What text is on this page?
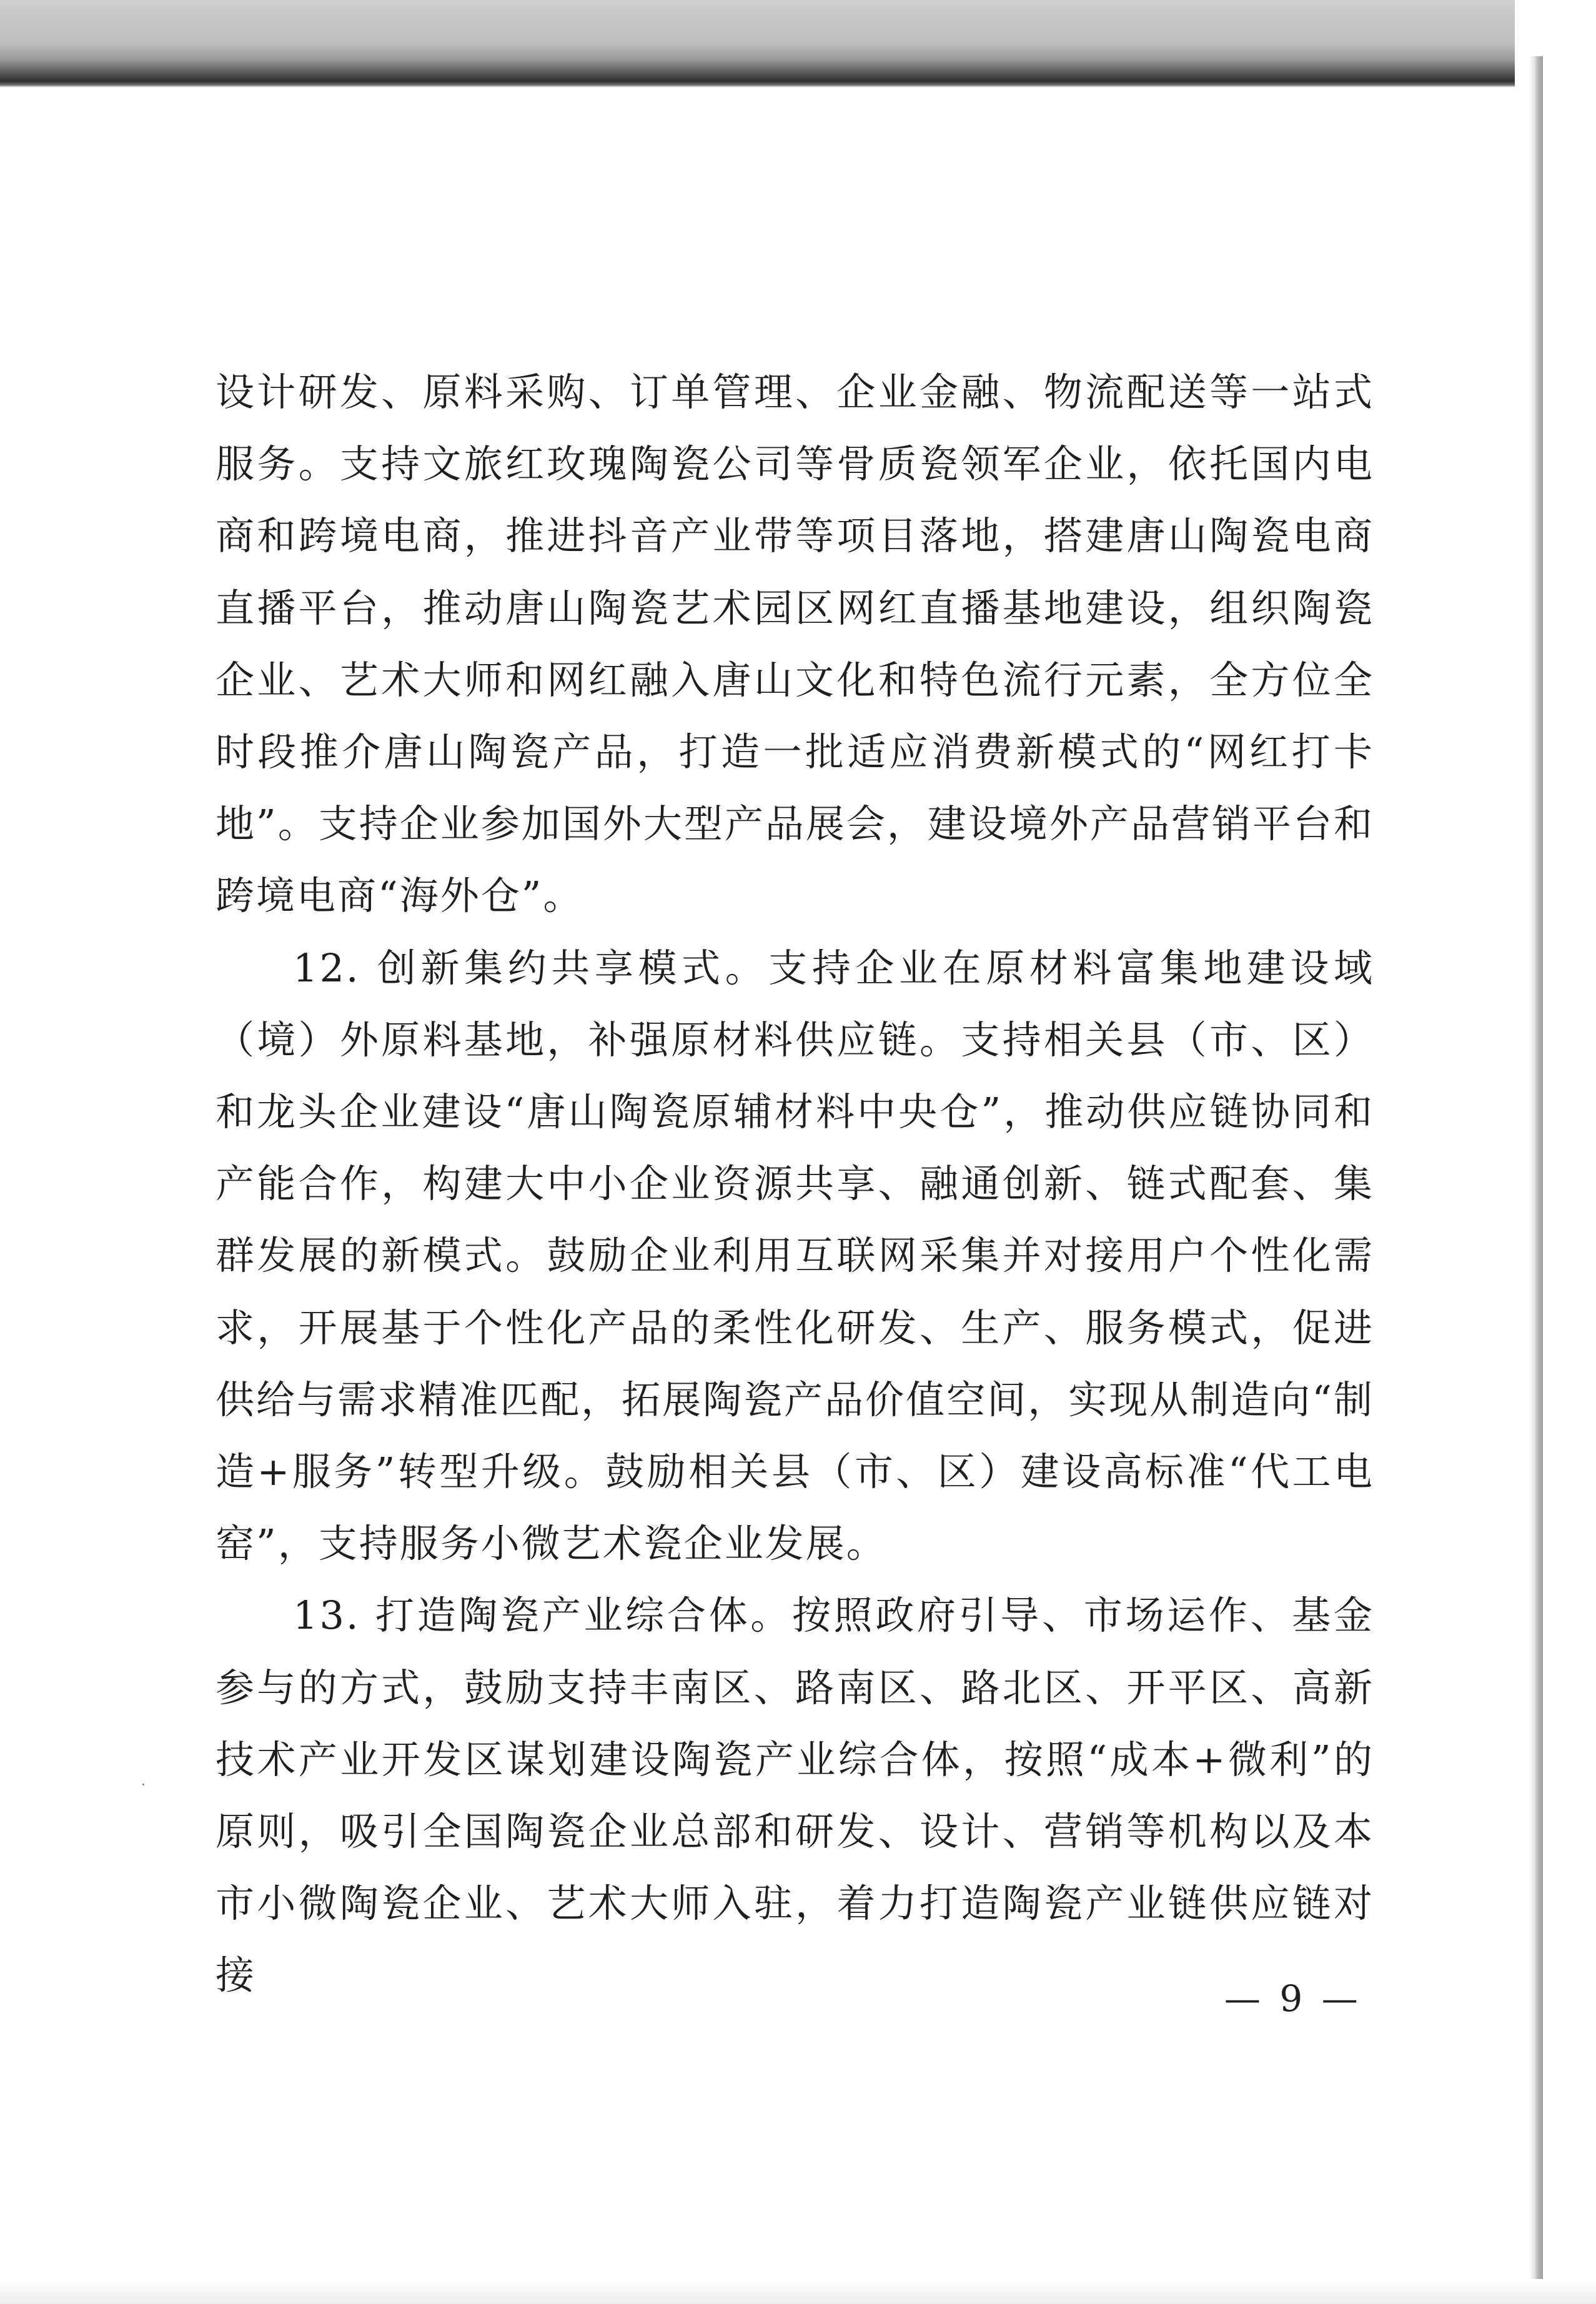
设计研发、原料采购、订单管理、企业金融、物流配送等一站式服务。支持文旅红玫瑰陶瓷公司等骨质瓷领军企业，依托国内电商和跨境电商，推进抖音产业带等项目落地，搭建唐山陶瓷电商直播平台，推动唐山陶瓷艺术园区网红直播基地建设，组织陶瓷企业、艺术大师和网红融入唐山文化和特色流行元素，全方位全时段推介唐山陶瓷产品，打造一批适应消费新模式的“网红打卡地”。支持企业参加国外大型产品展会，建设境外产品营销平台和跨境电商“海外仓”。

12. 创新集约共享模式。支持企业在原材料富集地建设域（境）外原料基地，补强原材料供应链。支持相关县（市、区）和龙头企业建设“唐山陶瓷原辅材料中央仓”，推动供应链协同和产能合作，构建大中小企业资源共享、融通创新、链式配套、集群发展的新模式。鼓励企业利用互联网采集并对接用户个性化需求，开展基于个性化产品的柔性化研发、生产、服务模式，促进供给与需求精准匹配，拓展陶瓷产品价值空间，实现从制造向“制造+服务”转型升级。鼓励相关县（市、区）建设高标准“代工电窑”，支持服务小微艺术瓷企业发展。

13. 打造陶瓷产业综合体。按照政府引导、市场运作、基金参与的方式，鼓励支持丰南区、路南区、路北区、开平区、高新技术产业开发区谋划建设陶瓷产业综合体，按照“成本+微利”的原则，吸引全国陶瓷企业总部和研发、设计、营销等机构以及本市小微陶瓷企业、艺术大师入驻，着力打造陶瓷产业链供应链对接

— 9 —
